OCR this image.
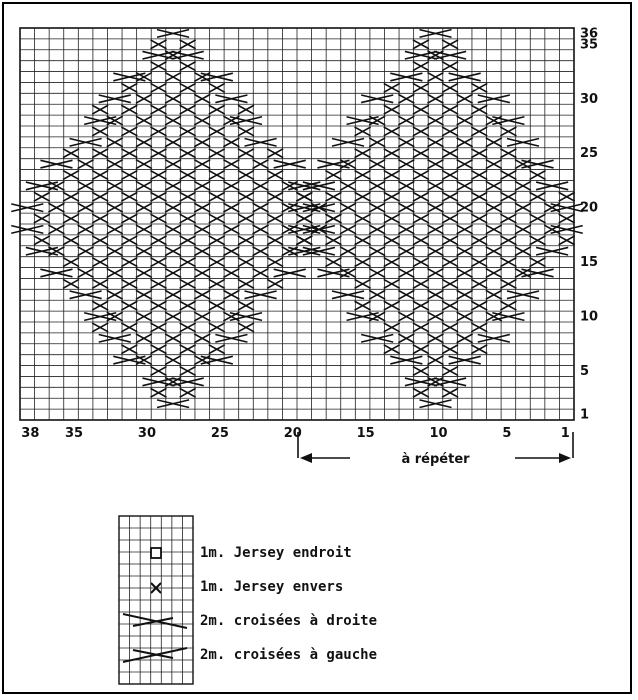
1
5
10
15
20
25
30
35
36
38 35	30	25	20	15	10	5	1
à répéter
1m. Jersey endroit
1m. Jersey envers
2m. croisées à droite
2m. croisées à gauche
